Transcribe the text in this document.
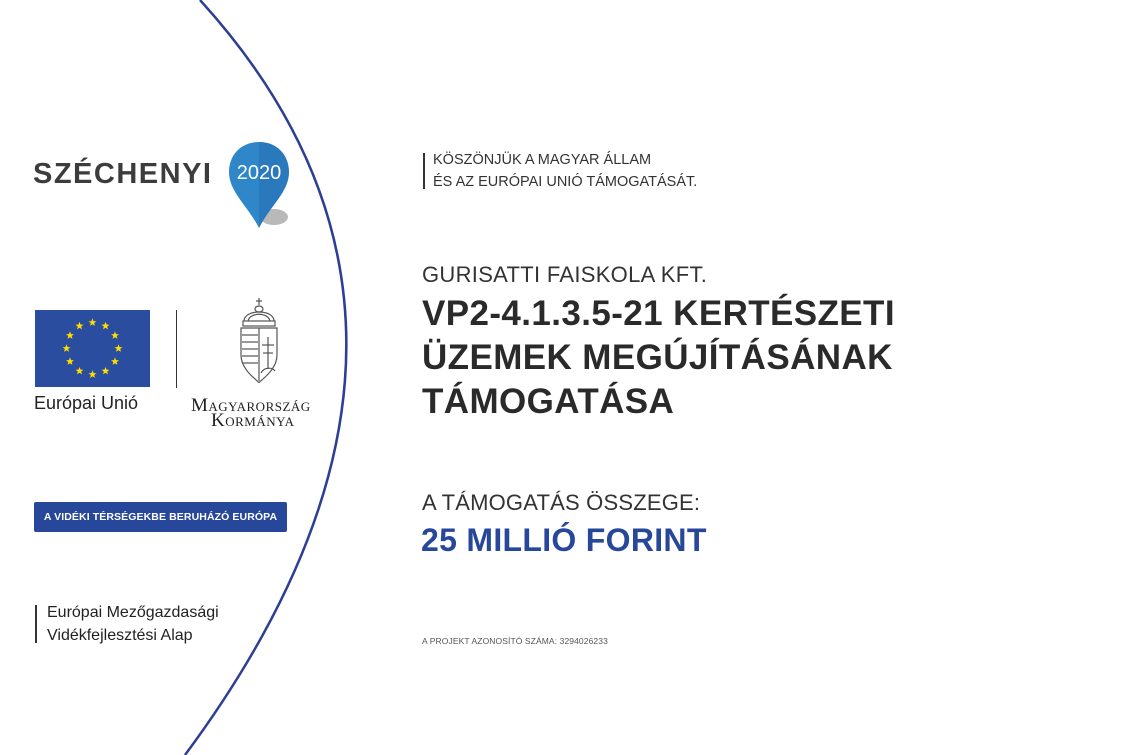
SZÉCHENYI 2020
Európai Unió	Magyarország
Kormánya
A VIDÉKI TÉRSÉGEKBE BERUHÁZÓ EURÓPA
Európai Mezőgazdasági
Vidékfejlesztési Alap
KÖSZÖNJÜK A MAGYAR ÁLLAM
ÉS AZ EURÓPAI UNIÓ TÁMOGATÁSÁT.
GURISATTI FAISKOLA KFT.
VP2-4.1.3.5-21 KERTÉSZETI
ÜZEMEK MEGÚJÍTÁSÁNAK
TÁMOGATÁSA
A TÁMOGATÁS ÖSSZEGE:
25 MILLIÓ FORINT
A PROJEKT AZONOSÍTÓ SZÁMA: 3294026233
